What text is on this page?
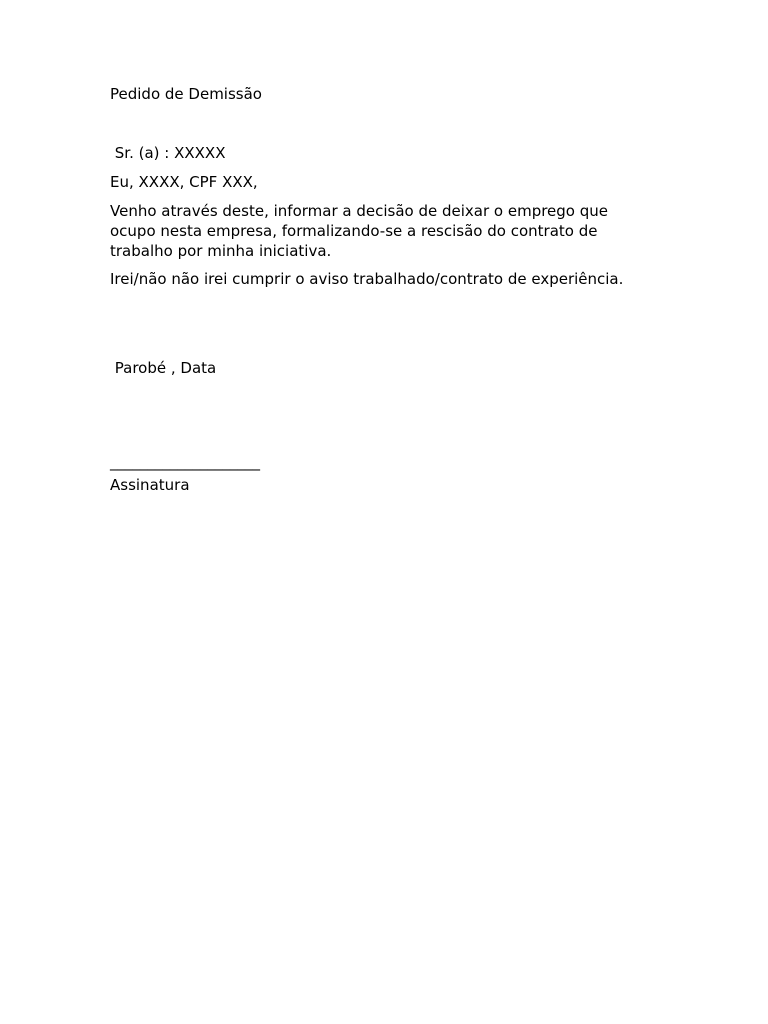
Pedido de Demissão

Sr. (a) : XXXXX

Eu, XXXX, CPF XXX,

Venho através deste, informar a decisão de deixar o emprego que
ocupo nesta empresa, formalizando-se a rescisão do contrato de
trabalho por minha iniciativa.

Irei/não não irei cumprir o aviso trabalhado/contrato de experiência.

Parobé , Data

____________________

Assinatura
